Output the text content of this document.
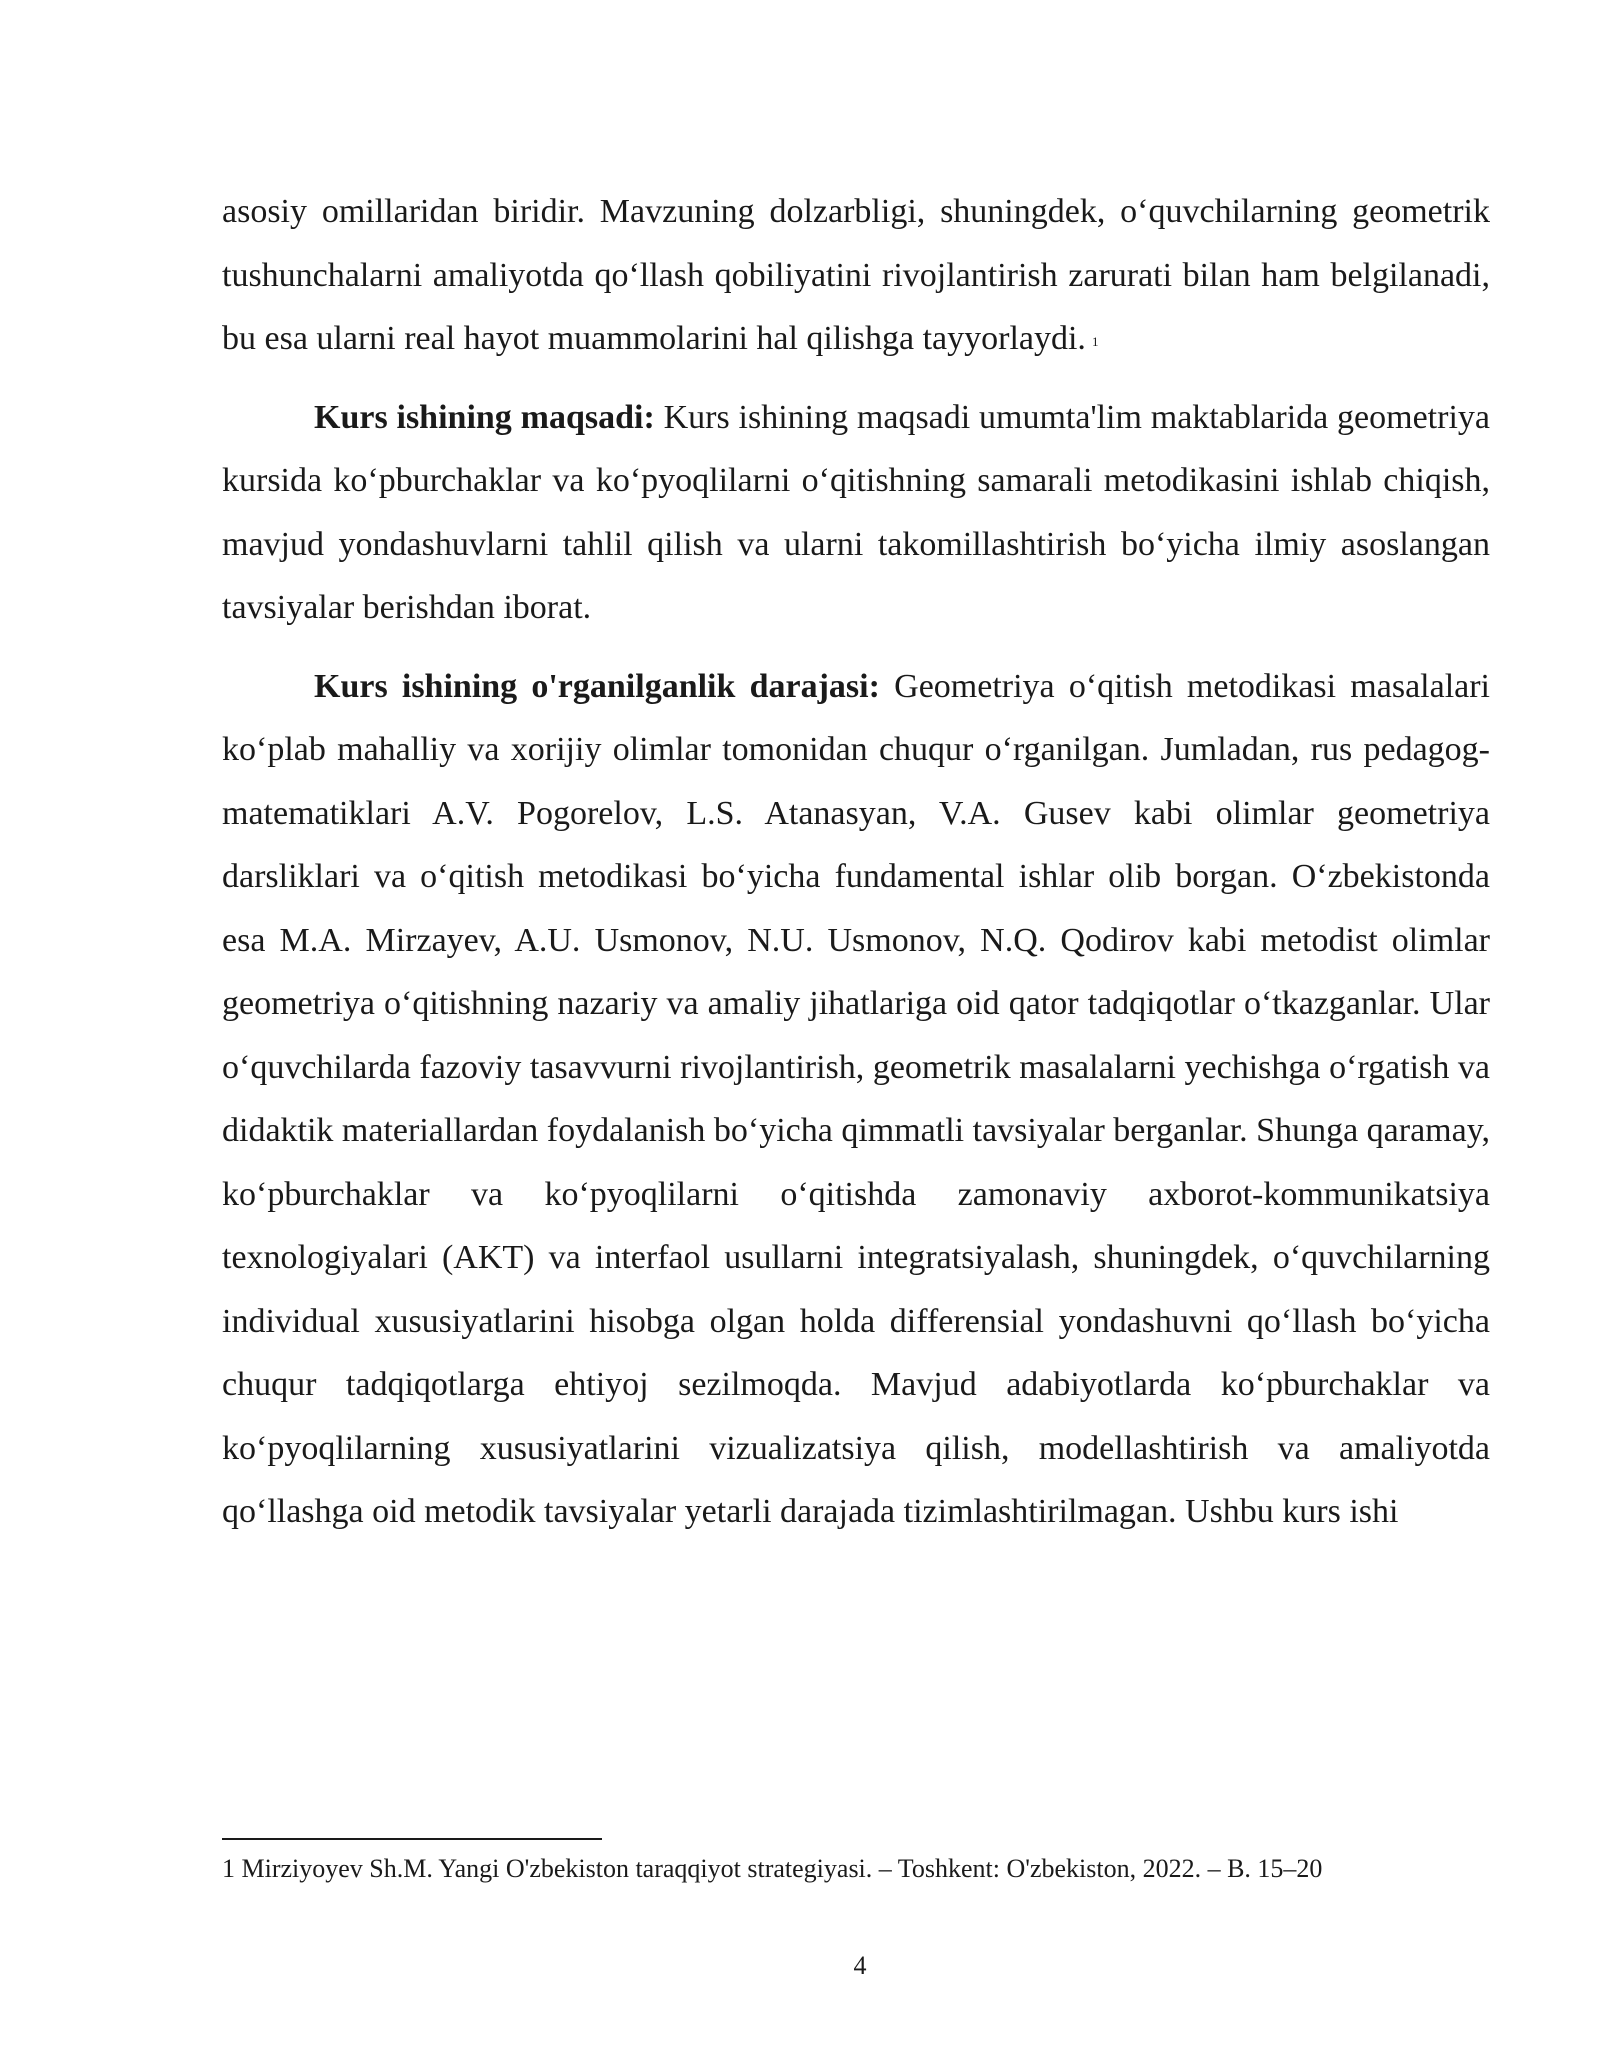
asosiy omillaridan biridir. Mavzuning dolzarbligi, shuningdek, o‘quvchilarning geometrik tushunchalarni amaliyotda qo‘llash qobiliyatini rivojlantirish zarurati bilan ham belgilanadi, bu esa ularni real hayot muammolarini hal qilishga tayyorlaydi. $^1$

Kurs ishining maqsadi: Kurs ishining maqsadi umumta'lim maktablarida geometriya kursida ko‘pburchaklar va ko‘pyoqlilarni o‘qitishning samarali metodikasini ishlab chiqish, mavjud yondashuvlarni tahlil qilish va ularni takomillashtirish bo‘yicha ilmiy asoslangan tavsiyalar berishdan iborat.

Kurs ishining o'rganilganlik darajasi: Geometriya o‘qitish metodikasi masalalari ko‘plab mahalliy va xorijiy olimlar tomonidan chuqur o‘rganilgan. Jumladan, rus pedagog-matematiklari A.V. Pogorelov, L.S. Atanasyan, V.A. Gusev kabi olimlar geometriya darsliklari va o‘qitish metodikasi bo‘yicha fundamental ishlar olib borgan. O‘zbekistonda esa M.A. Mirzayev, A.U. Usmonov, N.U. Usmonov, N.Q. Qodirov kabi metodist olimlar geometriya o‘qitishning nazariy va amaliy jihatlariga oid qator tadqiqotlar o‘tkazganlar. Ular o‘quvchilarda fazoviy tasavvurni rivojlantirish, geometrik masalalarni yechishga o‘rgatish va didaktik materiallardan foydalanish bo‘yicha qimmatli tavsiyalar berganlar. Shunga qaramay, ko‘pburchaklar va ko‘pyoqlilarni o‘qitishda zamonaviy axborot-kommunikatsiya texnologiyalari (AKT) va interfaol usullarni integratsiyalash, shuningdek, o‘quvchilarning individual xususiyatlarini hisobga olgan holda differensial yondashuvni qo‘llash bo‘yicha chuqur tadqiqotlarga ehtiyoj sezilmoqda. Mavjud adabiyotlarda ko‘pburchaklar va ko‘pyoqlilarning xususiyatlarini vizualizatsiya qilish, modellashtirish va amaliyotda qo‘llashga oid metodik tavsiyalar yetarli darajada tizimlashtirilmagan. Ushbu kurs ishi

1 Mirziyoyev Sh.M. Yangi O'zbekiston taraqqiyot strategiyasi. – Toshkent: O'zbekiston, 2022. – B. 15–20
4
